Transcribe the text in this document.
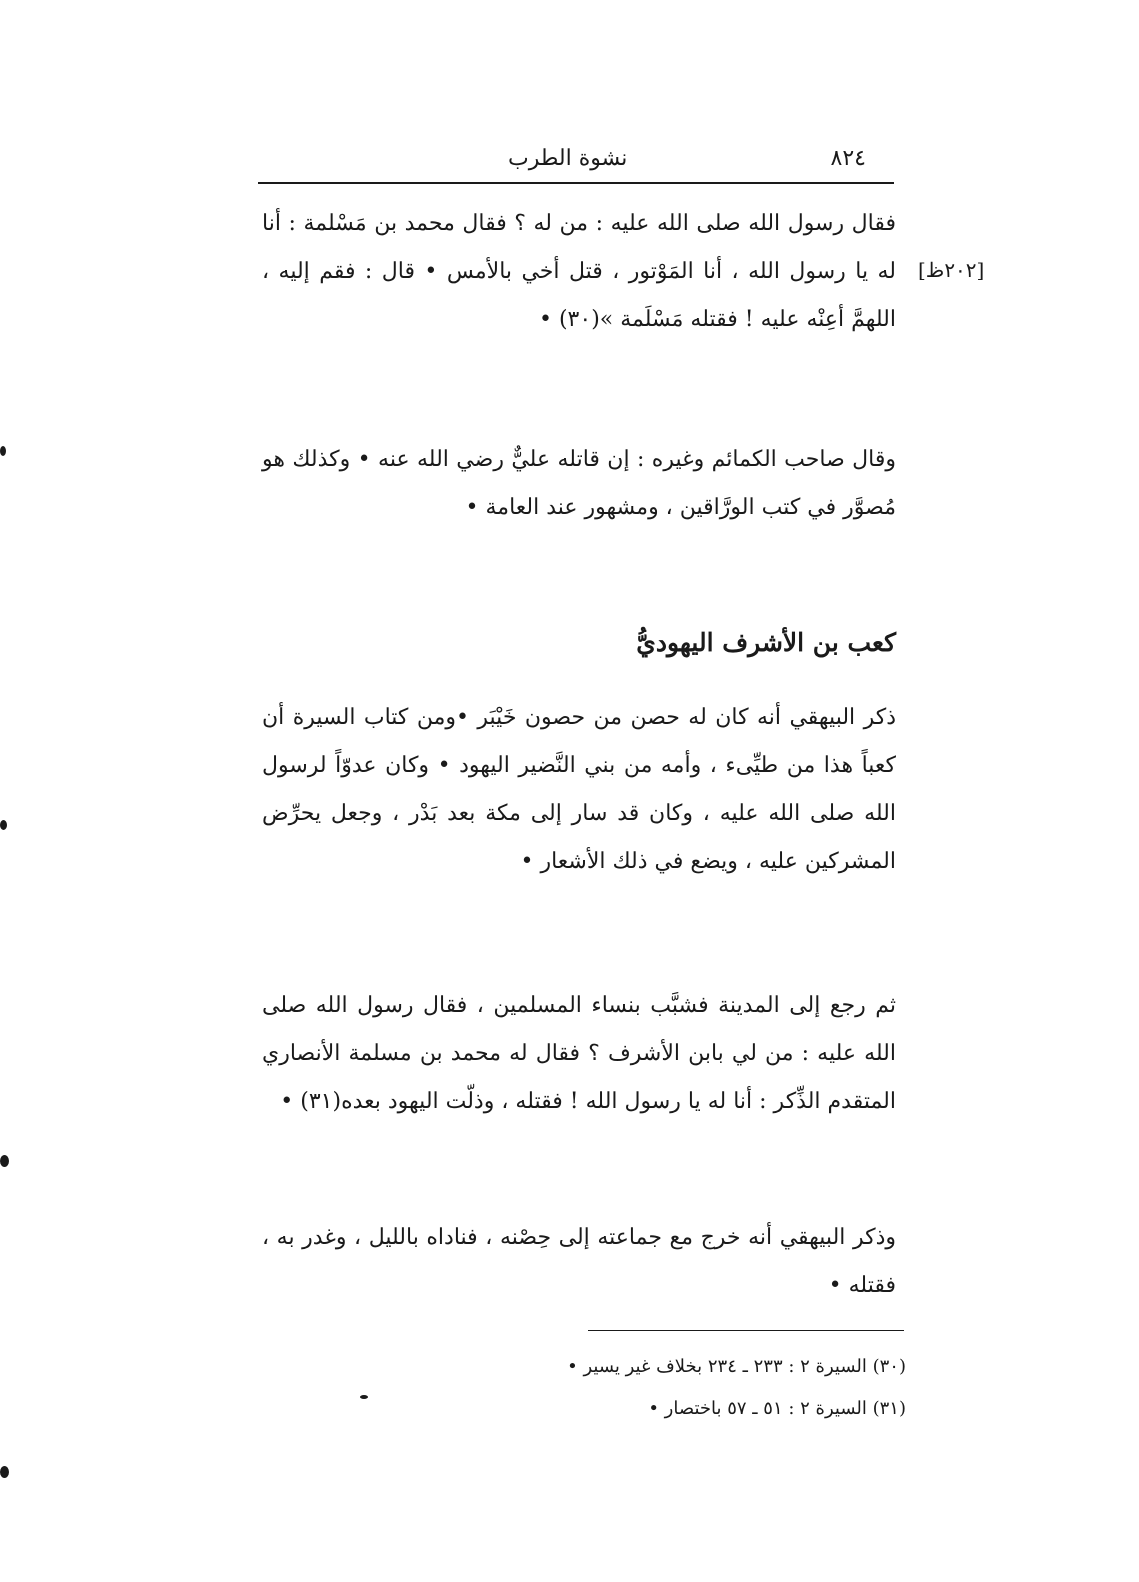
٨٢٤
نشوة الطرب
[٢٠٢ظ]
فقال رسول الله صلى الله عليه : من له ؟ فقال محمد بن مَسْلمة : أنا له يا رسول الله ، أنا المَوْتور ، قتل أخي بالأمس • قال : فقم إليه ، اللهمَّ أعِنْه عليه ! فقتله مَسْلَمة »(٣٠) •
وقال صاحب الكمائم وغيره : إن قاتله عليٌّ رضي الله عنه • وكذلك هو مُصوَّر في كتب الورَّاقين ، ومشهور عند العامة •
كعب بن الأشرف اليهوديُّ
ذكر البيهقي أنه كان له حصن من حصون خَيْبَر •ومن كتاب السيرة أن كعباً هذا من طيِّىء ، وأمه من بني النَّضير اليهود • وكان عدوّاً لرسول الله صلى الله عليه ، وكان قد سار إلى مكة بعد بَدْر ، وجعل يحرِّض المشركين عليه ، ويضع في ذلك الأشعار •
ثم رجع إلى المدينة فشبَّب بنساء المسلمين ، فقال رسول الله صلى الله عليه : من لي بابن الأشرف ؟ فقال له محمد بن مسلمة الأنصاري المتقدم الذِّكر : أنا له يا رسول الله ! فقتله ، وذلّت اليهود بعده(٣١) •
وذكر البيهقي أنه خرج مع جماعته إلى حِصْنه ، فناداه بالليل ، وغدر به ، فقتله •
(٣٠) السيرة ٢ : ٢٣٣ ـ ٢٣٤ بخلاف غير يسير •
(٣١) السيرة ٢ : ٥١ ـ ٥٧ باختصار •
